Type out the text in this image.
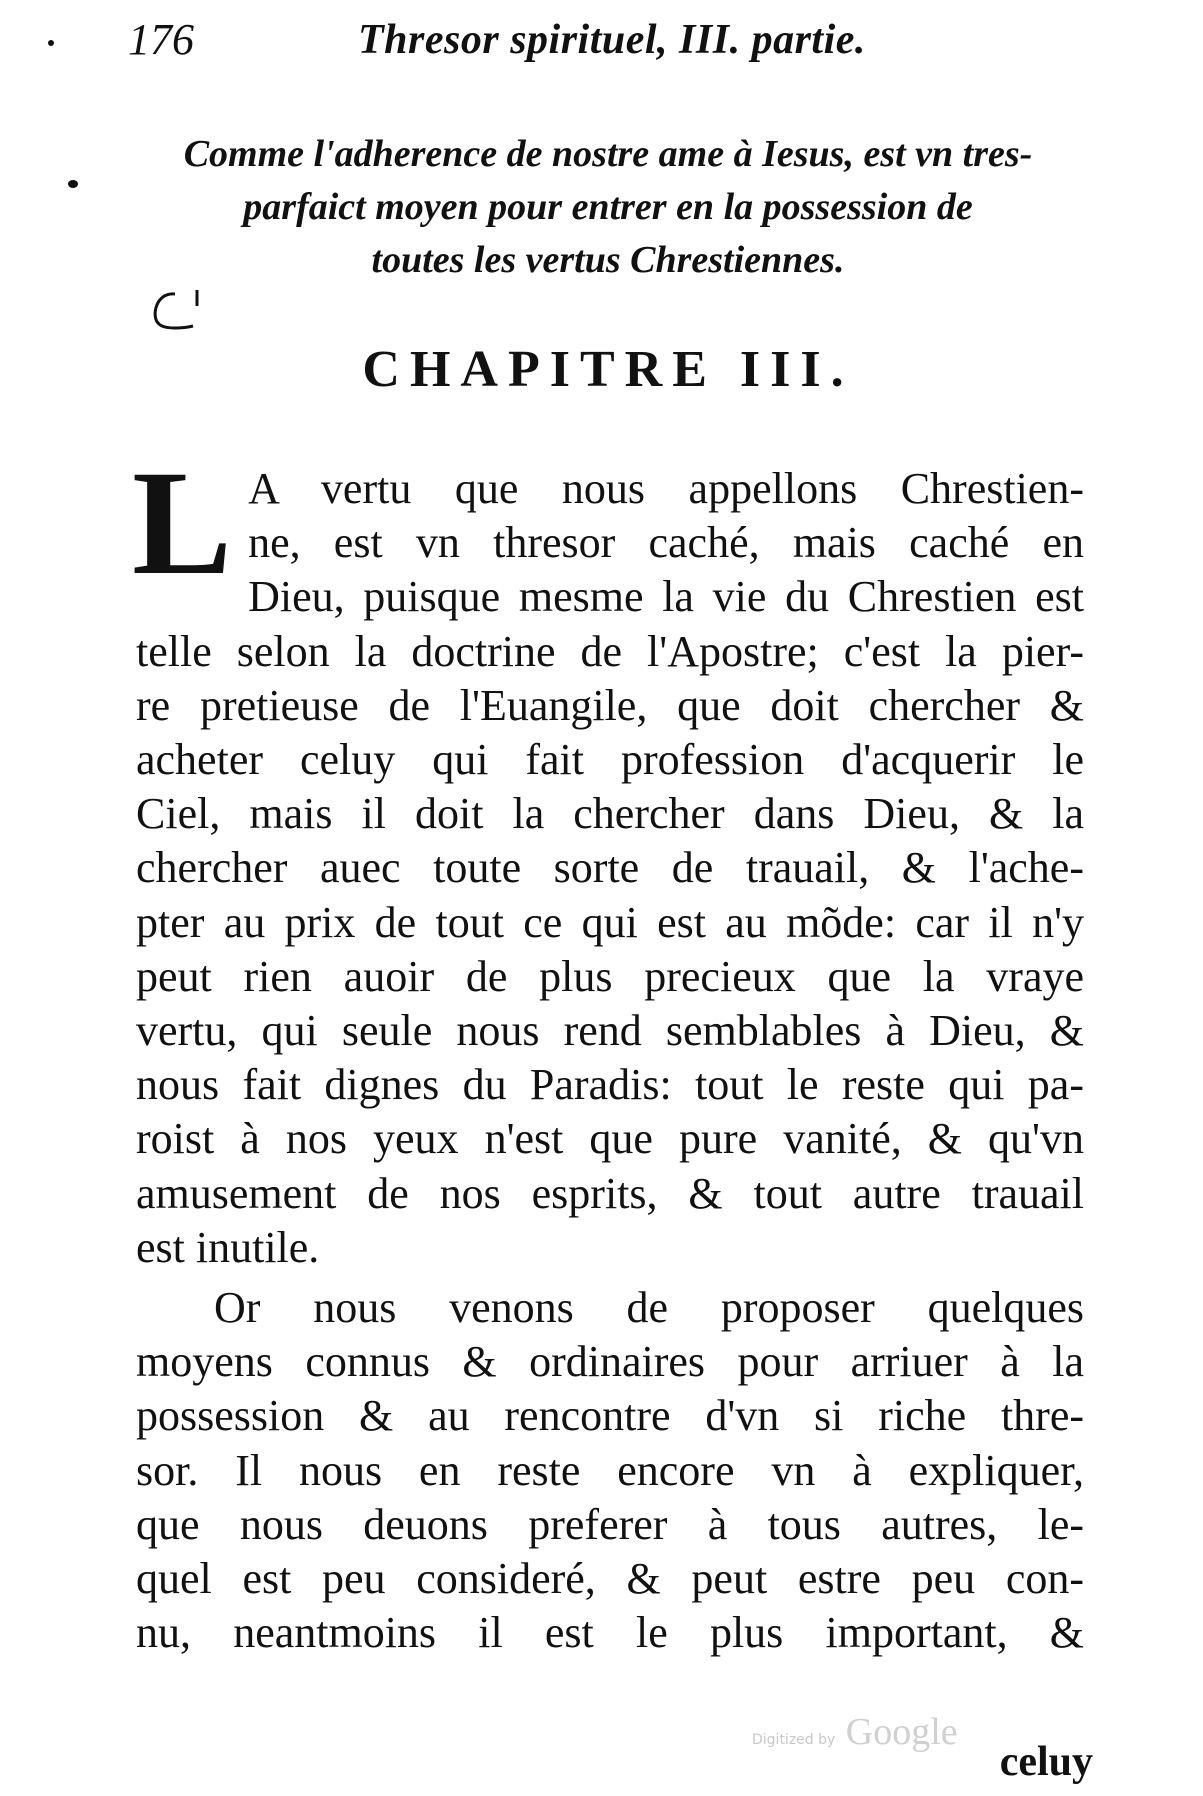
176	Thresor spirituel, III. partie.
Comme l'adherence de nostre ame à Iesus, est vn tres-
parfaict moyen pour entrer en la possession de
toutes les vertus Chrestiennes.
CHAPITRE III.
L A vertu que nous appellons Chrestien-
ne, est vn thresor caché, mais caché en
Dieu, puisque mesme la vie du Chrestien est
telle selon la doctrine de l'Apostre; c'est la pier-
re pretieuse de l'Euangile, que doit chercher &
acheter celuy qui fait profession d'acquerir le
Ciel, mais il doit la chercher dans Dieu, & la
chercher auec toute sorte de trauail, & l'ache-
pter au prix de tout ce qui est au mõde: car il n'y
peut rien auoir de plus precieux que la vraye
vertu, qui seule nous rend semblables à Dieu, &
nous fait dignes du Paradis: tout le reste qui pa-
roist à nos yeux n'est que pure vanité, & qu'vn
amusement de nos esprits, & tout autre trauail
est inutile.
Or nous venons de proposer quelques
moyens connus & ordinaires pour arriuer à la
possession & au rencontre d'vn si riche thre-
sor. Il nous en reste encore vn à expliquer,
que nous deuons preferer à tous autres, le-
quel est peu consideré, & peut estre peu con-
nu, neantmoins il est le plus important, &
Digitized by Google
celuy
